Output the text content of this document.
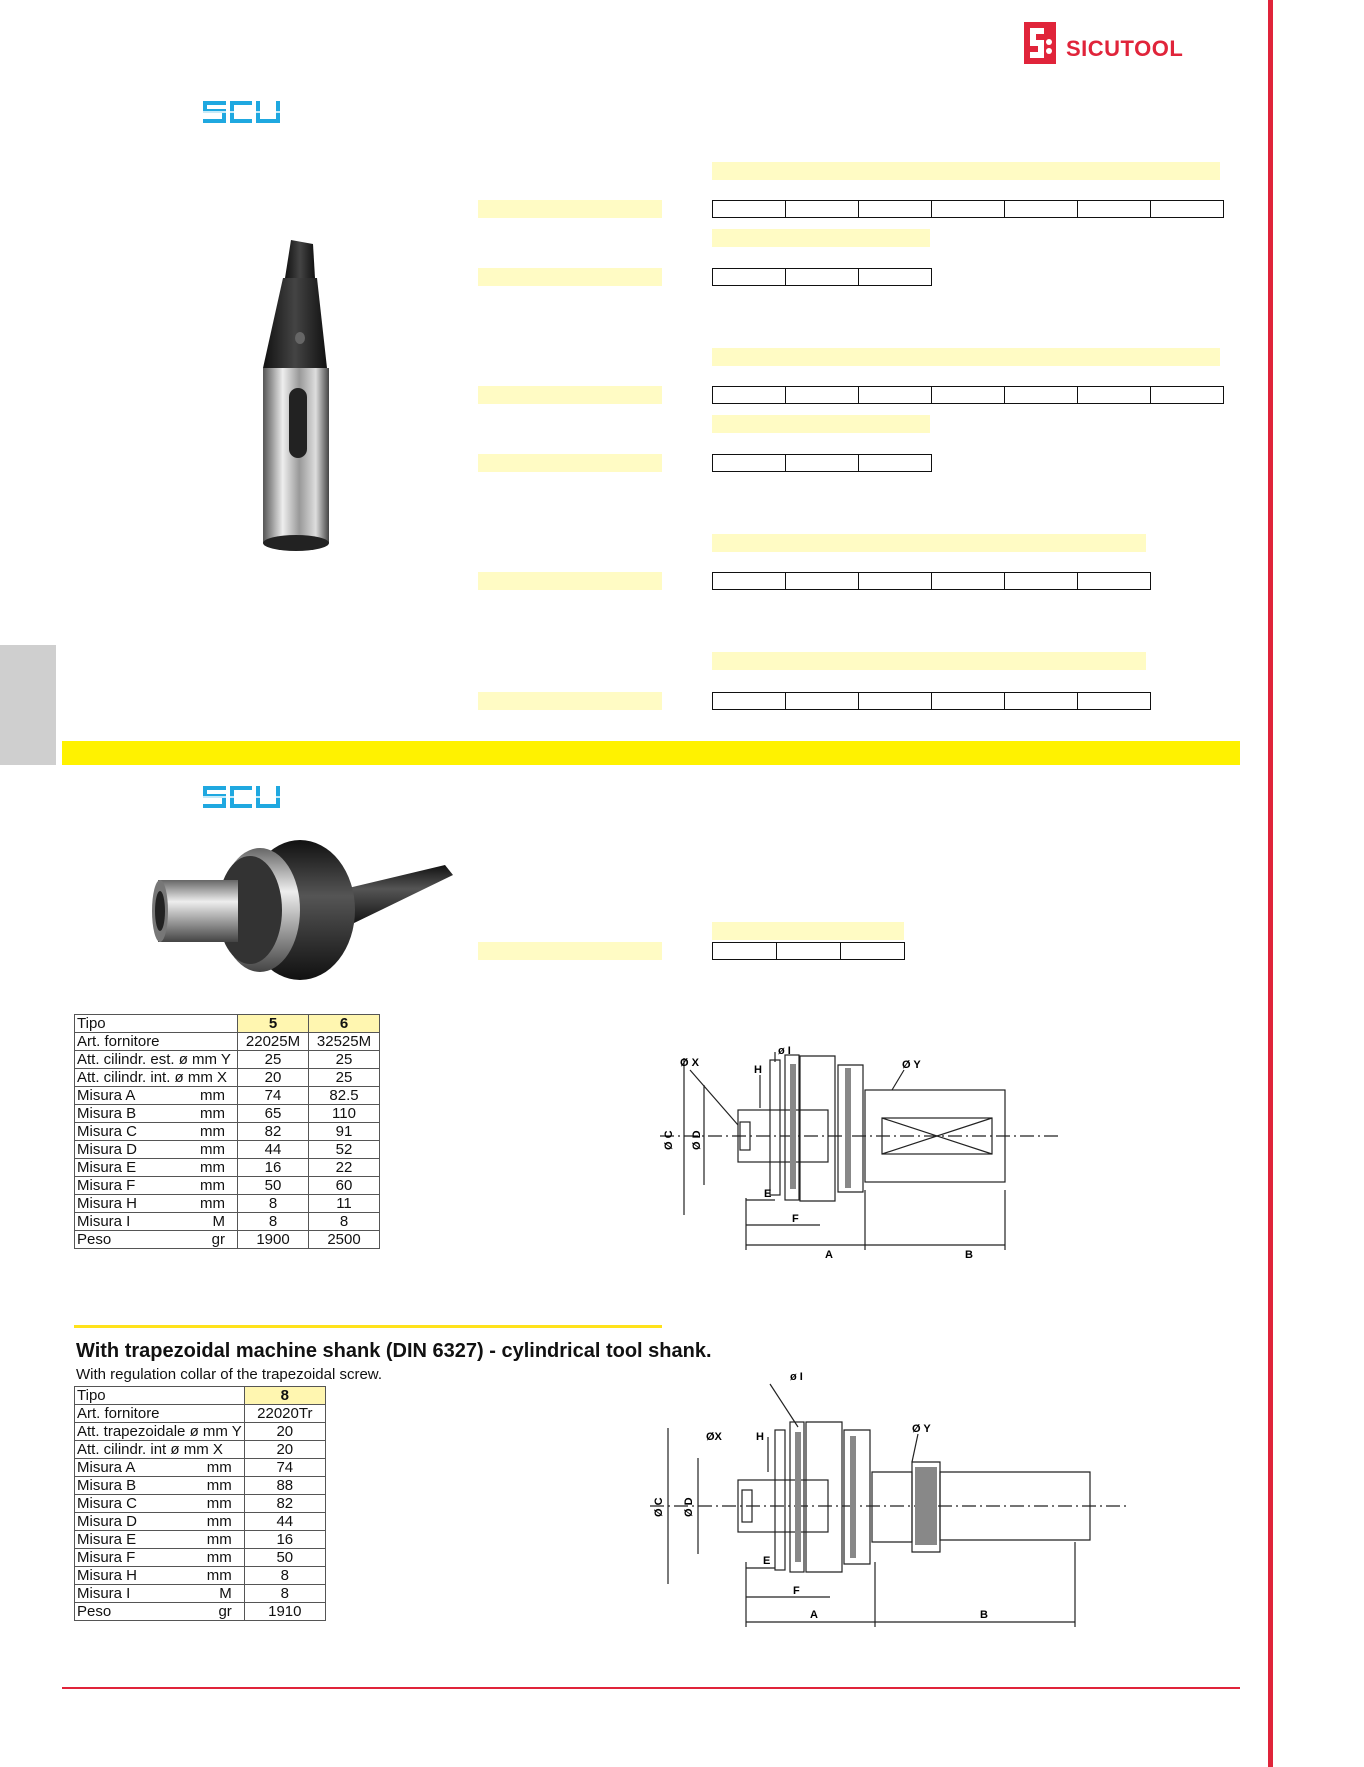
SICUTOOL
SICUTOOL
Tipo	5	6
Art. fornitore	22025M	32525M
Att. cilindr. est. ø mm Y	25	25
Att. cilindr. int. ø mm X	20	25
Misura A mm	74	82.5
Misura B mm	65	110
Misura C mm	82	91
Misura D mm	44	52
Misura E mm	16	22
Misura F mm	50	60
Misura H mm	8	11
Misura I M	8	8
Peso gr	1900	2500
Ø X
H
ø I
Ø Y
Ø C Ø D
E
F
A	B
With trapezoidal machine shank (DIN 6327) - cylindrical tool shank.
With regulation collar of the trapezoidal screw.
Tipo	8
Art. fornitore	22020Tr
Att. trapezoidale ø mm Y	20
Att. cilindr. int ø mm X	20
Misura A mm	74
Misura B mm	88
Misura C mm	82
Misura D mm	44
Misura E mm	16
Misura F mm	50
Misura H mm	8
Misura I M	8
Peso gr	1910
ØX	H
ø I
Ø Y
Ø C Ø D
E
F
A	B
